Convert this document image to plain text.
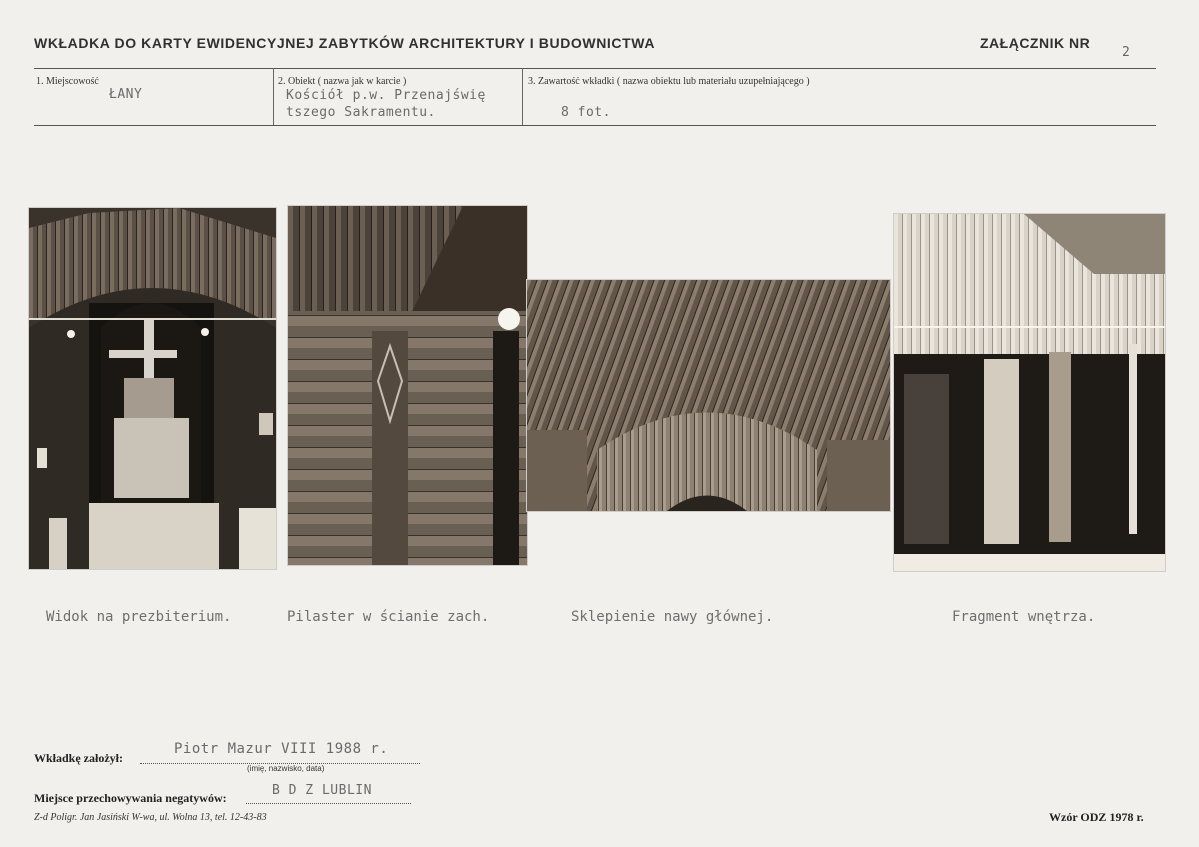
WKŁADKA DO KARTY EWIDENCYJNEJ ZABYTKÓW ARCHITEKTURY I BUDOWNICTWA	ZAŁĄCZNIK NR
2
1. Miejscowość
ŁANY
2. Obiekt ( nazwa jak w karcie )
Kościół p.w. Przenajświę
tszego Sakramentu.
3. Zawartość wkładki ( nazwa obiektu lub materiału uzupełniającego )
8 fot.
Widok na prezbiterium.	Pilaster w ścianie zach.	Sklepienie nawy głównej.	Fragment wnętrza.
Wkładkę założył:
Piotr Mazur VIII 1988 r.
(imię, nazwisko, data)
Miejsce przechowywania negatywów:	B D Z LUBLIN
Z-d Poligr. Jan Jasiński W-wa, ul. Wolna 13, tel. 12-43-83	Wzór ODZ 1978 r.
